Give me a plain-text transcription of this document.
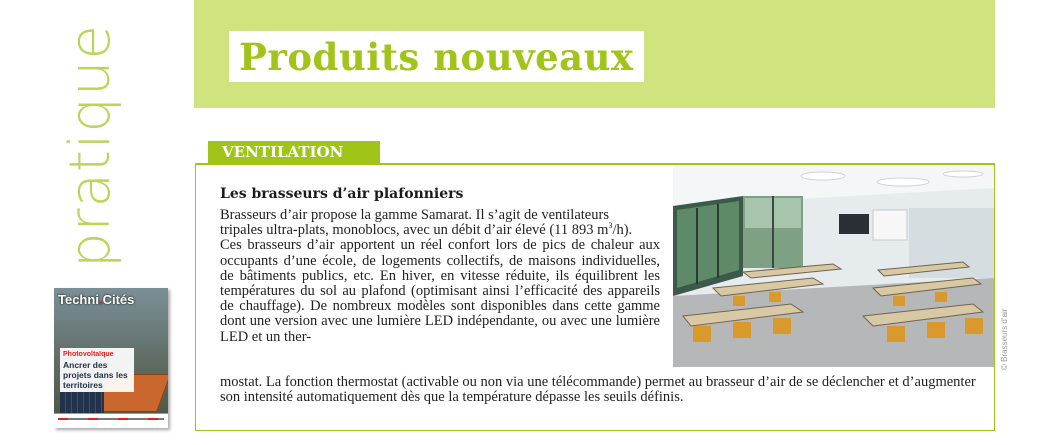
pratique
Techni.Cités
Photovoltaïque
Ancrer des projets dans les territoires
Produits nouveaux
VENTILATION
© Brasseurs d’air
Les brasseurs d’air plafonniers
Brasseurs d’air propose la gamme Samarat. Il s’agit de ventilateurs
tripales ultra-plats, monoblocs, avec un débit d’air élevé (11 893 $m^3/h$).
Ces brasseurs d’air apportent un réel confort lors de pics de chaleur aux occupants d’une école, de logements collectifs, de maisons individuelles, de bâtiments publics, etc. En hiver, en vitesse réduite, ils équilibrent les températures du sol au plafond (optimisant ainsi l’efficacité des appareils de chauffage). De nombreux modèles sont disponibles dans cette gamme dont une version avec une lumière LED indépendante, ou avec une lumière LED et un ther-
mostat. La fonction thermostat (activable ou non via une télécommande) permet au brasseur d’air de se déclencher et d’augmenter son intensité automatiquement dès que la température dépasse les seuils définis.
